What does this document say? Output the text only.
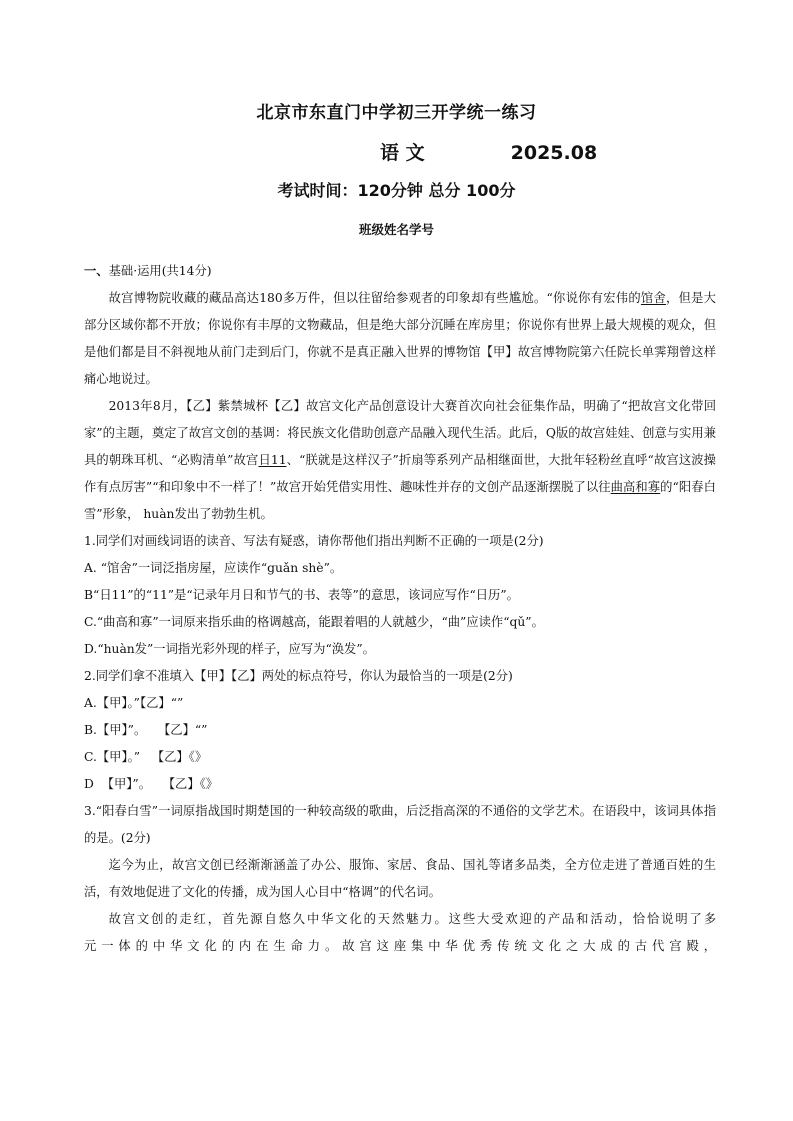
北京市东直门中学初三开学统一练习
语 文	2025.08
考试时间：120分钟 总分 100分
班级姓名学号
一、基础·运用(共14分)
故宫博物院收藏的藏品高达180多万件，但以往留给参观者的印象却有些尴尬。“你说你有宏伟的馆舍，但是大部分区域你都不开放；你说你有丰厚的文物藏品，但是绝大部分沉睡在库房里；你说你有世界上最大规模的观众，但是他们都是目不斜视地从前门走到后门，你就不是真正融入世界的博物馆【甲】故宫博物院第六任院长单霁翔曾这样痛心地说过。
2013年8月，【乙】紫禁城杯【乙】故宫文化产品创意设计大赛首次向社会征集作品，明确了“把故宫文化带回家”的主题，奠定了故宫文创的基调：将民族文化借助创意产品融入现代生活。此后，Q版的故宫娃娃、创意与实用兼具的朝珠耳机、“必购清单”故宫日11、“朕就是这样汉子”折扇等系列产品相继面世，大批年轻粉丝直呼“故宫这波操作有点厉害”“和印象中不一样了！”故宫开始凭借实用性、趣味性并存的文创产品逐渐摆脱了以往曲高和寡的“阳春白雪”形象， huàn发出了勃勃生机。
1.同学们对画线词语的读音、写法有疑惑，请你帮他们指出判断不正确的一项是(2分)
A. “馆舍”一词泛指房屋，应读作“guǎn shè”。
B“日11”的“11”是“记录年月日和节气的书、表等”的意思，该词应写作“日历”。
C.“曲高和寡”一词原来指乐曲的格调越高，能跟着唱的人就越少，“曲”应读作“qǔ”。
D.“huàn发”一词指光彩外现的样子，应写为“涣发”。
2.同学们拿不准填入【甲】【乙】两处的标点符号，你认为最恰当的一项是(2分)
A.【甲】。”【乙】“”
B.【甲】”。   【乙】“”
C.【甲】。”   【乙】《》
D  【甲】”。   【乙】《》
3.“阳春白雪”一词原指战国时期楚国的一种较高级的歌曲，后泛指高深的不通俗的文学艺术。在语段中，该词具体指的是。(2分)
迄今为止，故宫文创已经渐渐涵盖了办公、服饰、家居、食品、国礼等诸多品类，全方位走进了普通百姓的生活，有效地促进了文化的传播，成为国人心目中“格调”的代名词。
故宫文创的走红，首先源自悠久中华文化的天然魅力。这些大受欢迎的产品和活动，恰恰说明了多
元一体的中华文化的内在生命力。故宫这座集中华优秀传统文化之大成的古代宫殿，
